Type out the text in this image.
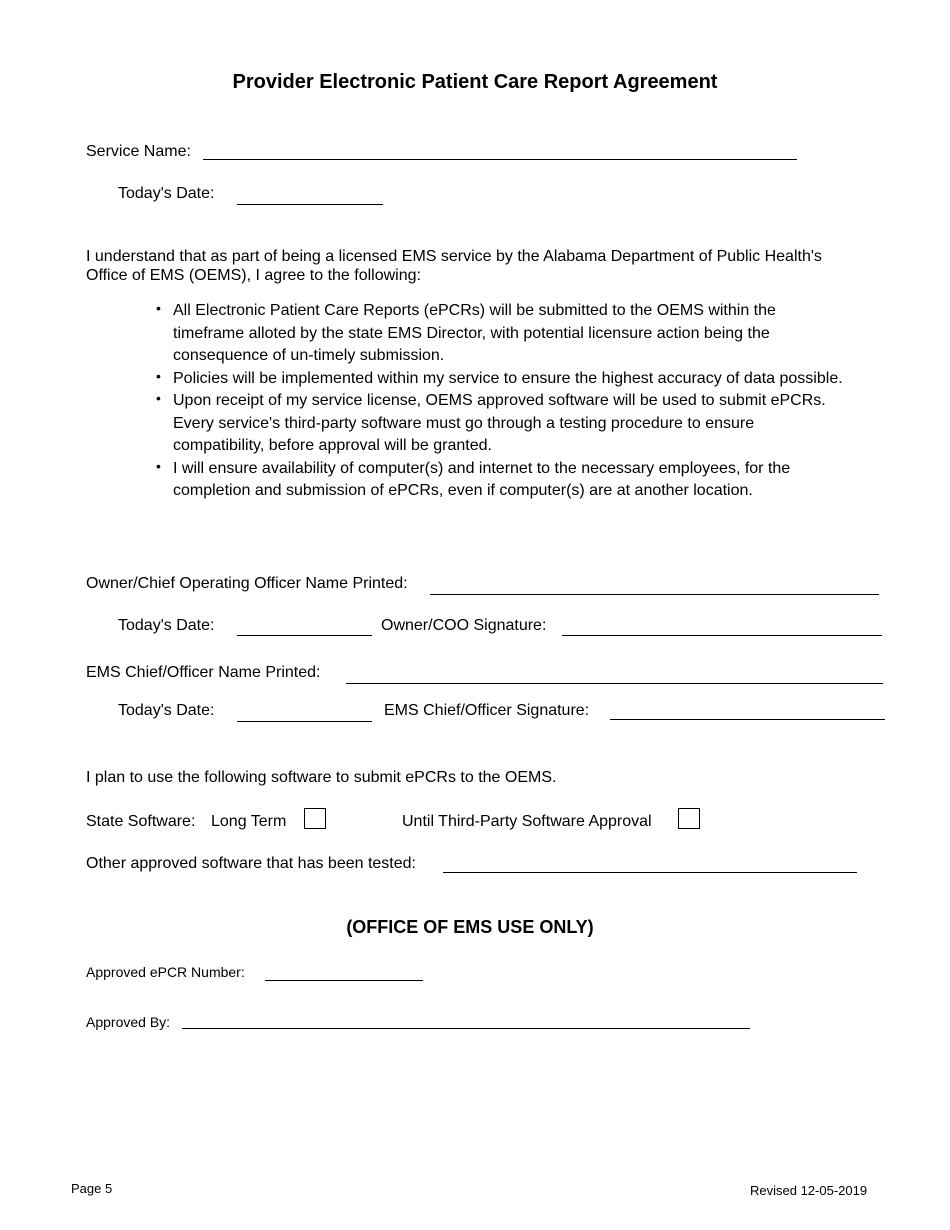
Provider Electronic Patient Care Report Agreement
Service Name:
Today's Date:
I understand that as part of being a licensed EMS service by the Alabama Department of Public Health's Office of EMS (OEMS), I agree to the following:
• All Electronic Patient Care Reports (ePCRs) will be submitted to the OEMS within the timeframe alloted by the state EMS Director, with potential licensure action being the consequence of un-timely submission.
• Policies will be implemented within my service to ensure the highest accuracy of data possible.
• Upon receipt of my service license, OEMS approved software will be used to submit ePCRs. Every service's third-party software must go through a testing procedure to ensure compatibility, before approval will be granted.
• I will ensure availability of computer(s) and internet to the necessary employees, for the completion and submission of ePCRs, even if computer(s) are at another location.
Owner/Chief Operating Officer Name Printed:
Today's Date:	Owner/COO Signature:
EMS Chief/Officer Name Printed:
Today's Date:	EMS Chief/Officer Signature:
I plan to use the following software to submit ePCRs to the OEMS.
State Software: Long Term	Until Third-Party Software Approval
Other approved software that has been tested:
(OFFICE OF EMS USE ONLY)
Approved ePCR Number:
Approved By:
Page 5	Revised 12-05-2019
